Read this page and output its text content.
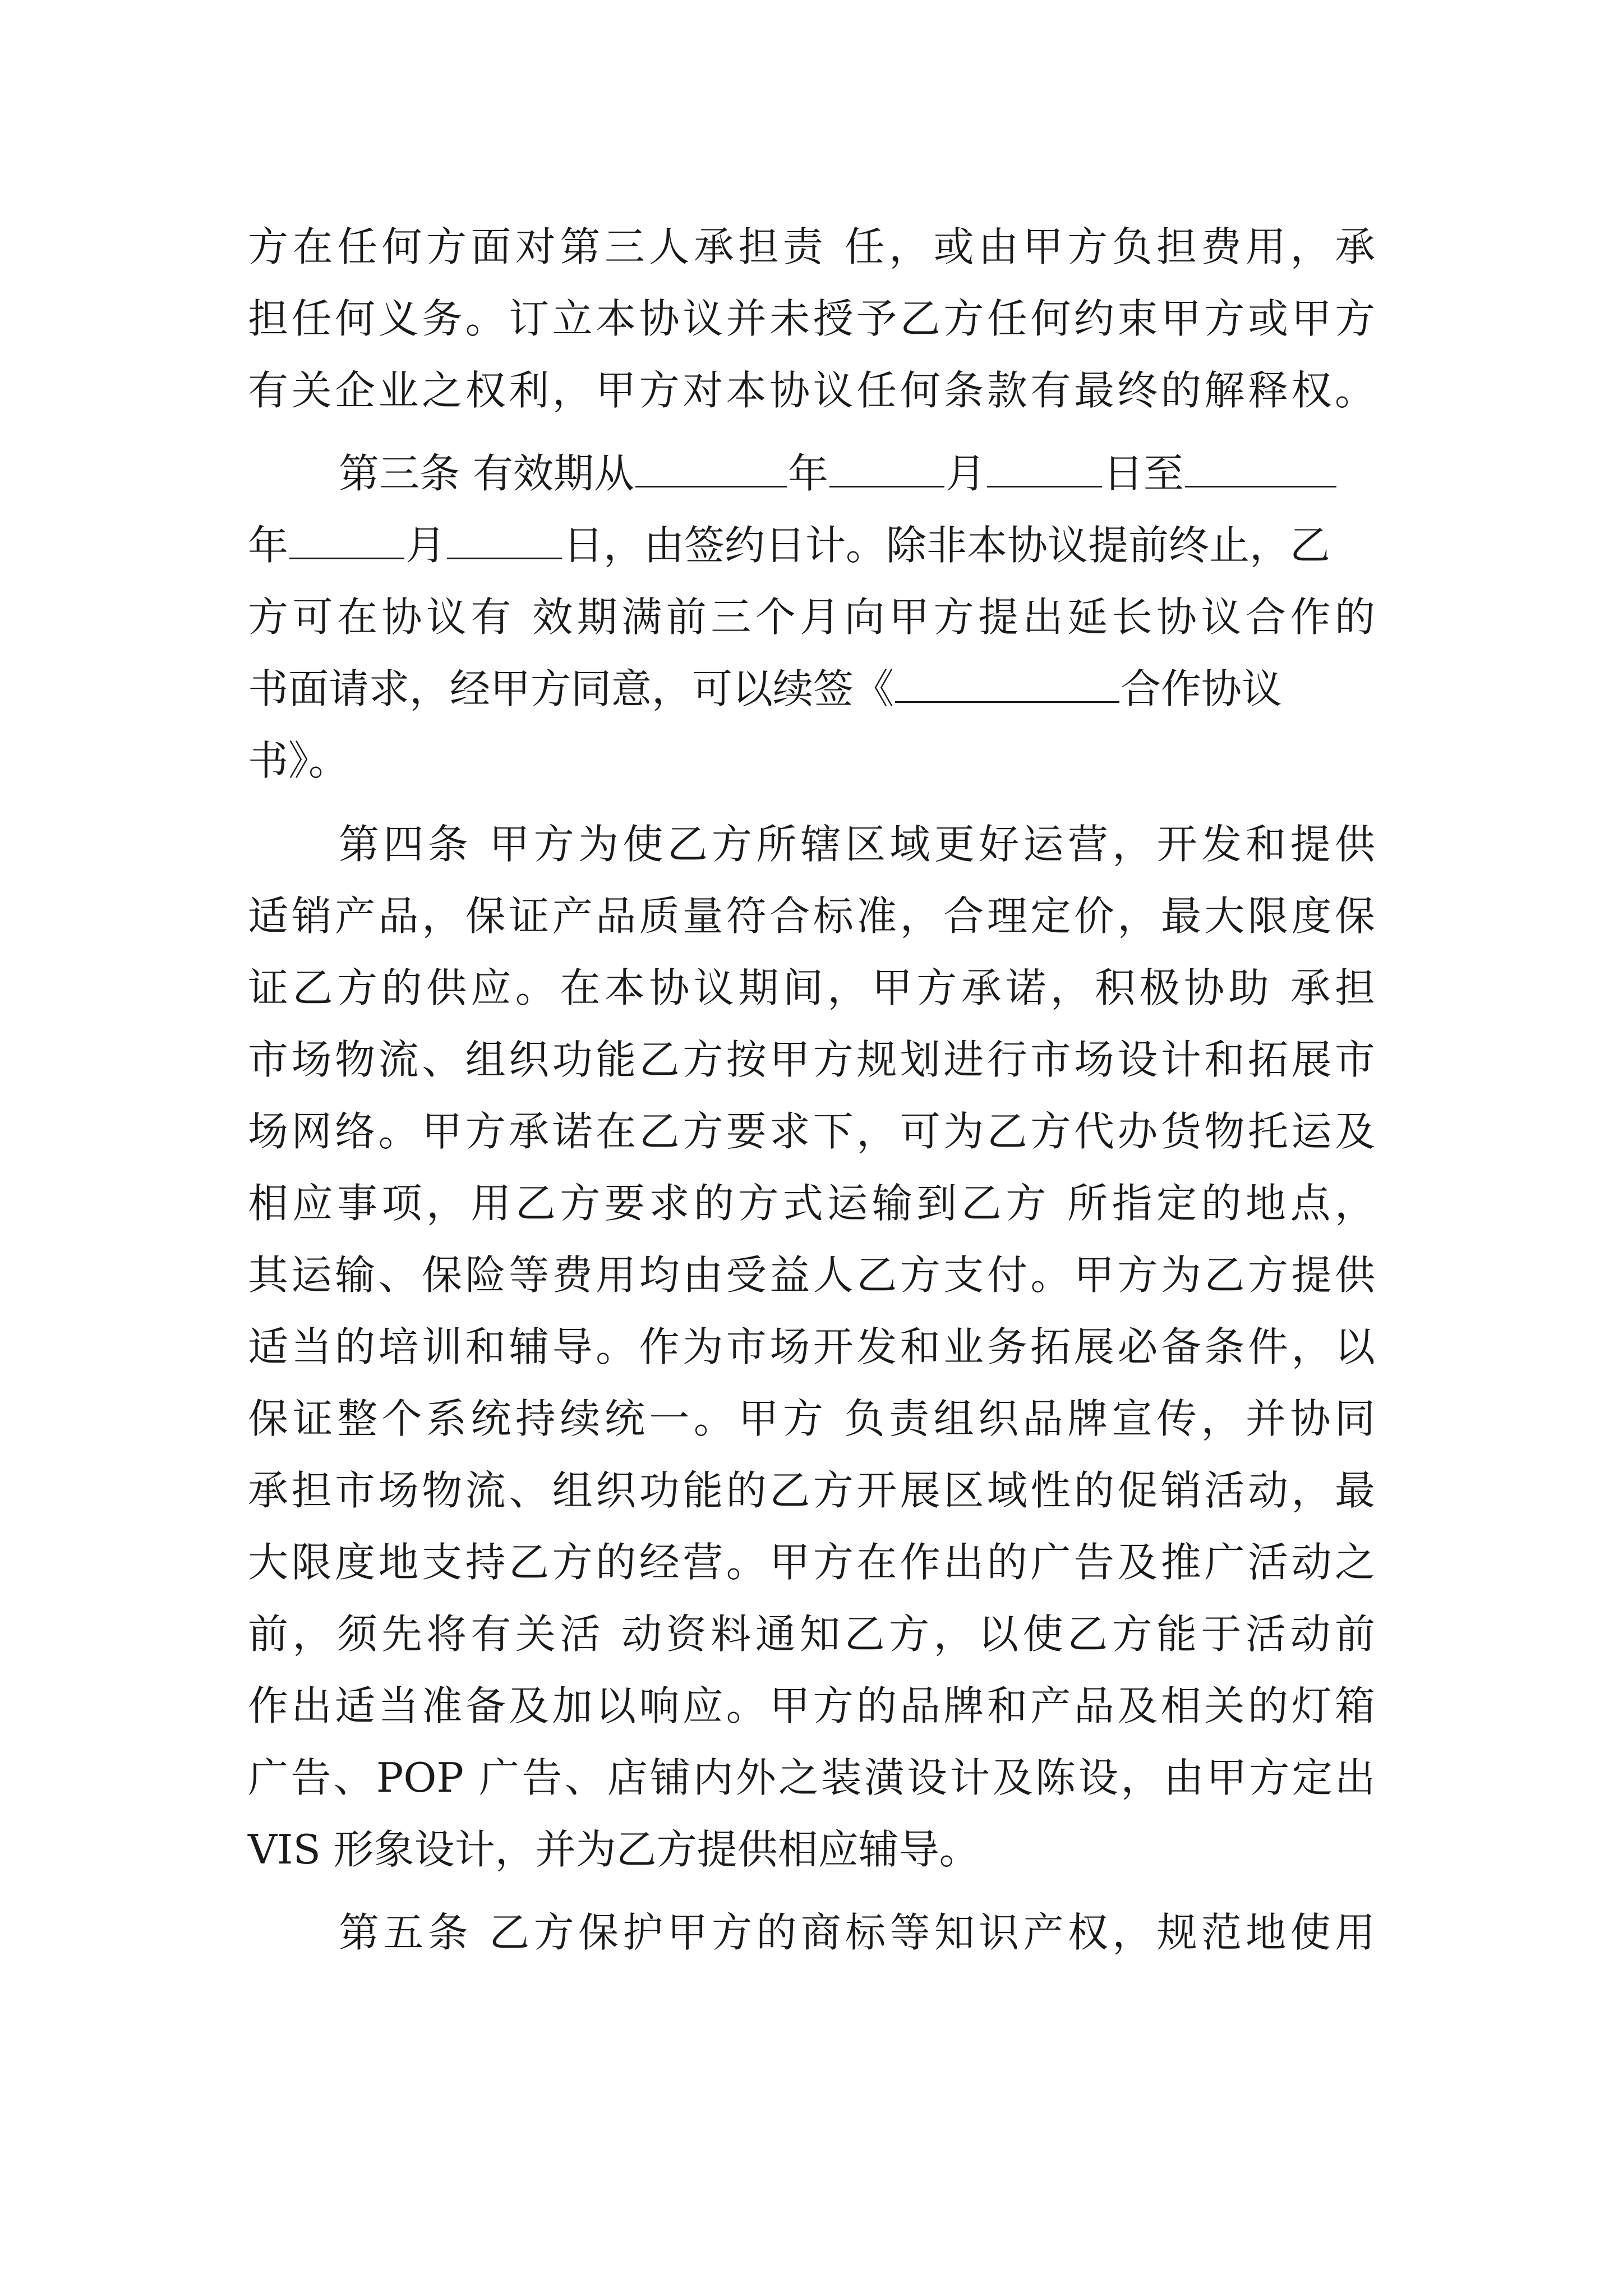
方在任何方面对第三人承担责 任，或由甲方负担费用，承
担任何义务。订立本协议并未授予乙方任何约束甲方或甲方
有关企业之权利，甲方对本协议任何条款有最终的解释权。
第三条 有效期从	年	月	日至
年	月	日，由签约日计。除非本协议提前终止，乙
方可在协议有 效期满前三个月向甲方提出延长协议合作的
书面请求，经甲方同意，可以续签《	合作协议
书》。
第四条 甲方为使乙方所辖区域更好运营，开发和提供
适销产品，保证产品质量符合标准，合理定价，最大限度保
证乙方的供应。在本协议期间，甲方承诺，积极协助 承担
市场物流、组织功能乙方按甲方规划进行市场设计和拓展市
场网络。甲方承诺在乙方要求下，可为乙方代办货物托运及
相应事项，用乙方要求的方式运输到乙方 所指定的地点，
其运输、保险等费用均由受益人乙方支付。甲方为乙方提供
适当的培训和辅导。作为市场开发和业务拓展必备条件，以
保证整个系统持续统一。甲方 负责组织品牌宣传，并协同
承担市场物流、组织功能的乙方开展区域性的促销活动，最
大限度地支持乙方的经营。甲方在作出的广告及推广活动之
前，须先将有关活 动资料通知乙方，以使乙方能于活动前
作出适当准备及加以响应。甲方的品牌和产品及相关的灯箱
广告、POP 广告、店铺内外之装潢设计及陈设，由甲方定出
VIS 形象设计，并为乙方提供相应辅导。
第五条 乙方保护甲方的商标等知识产权，规范地使用
